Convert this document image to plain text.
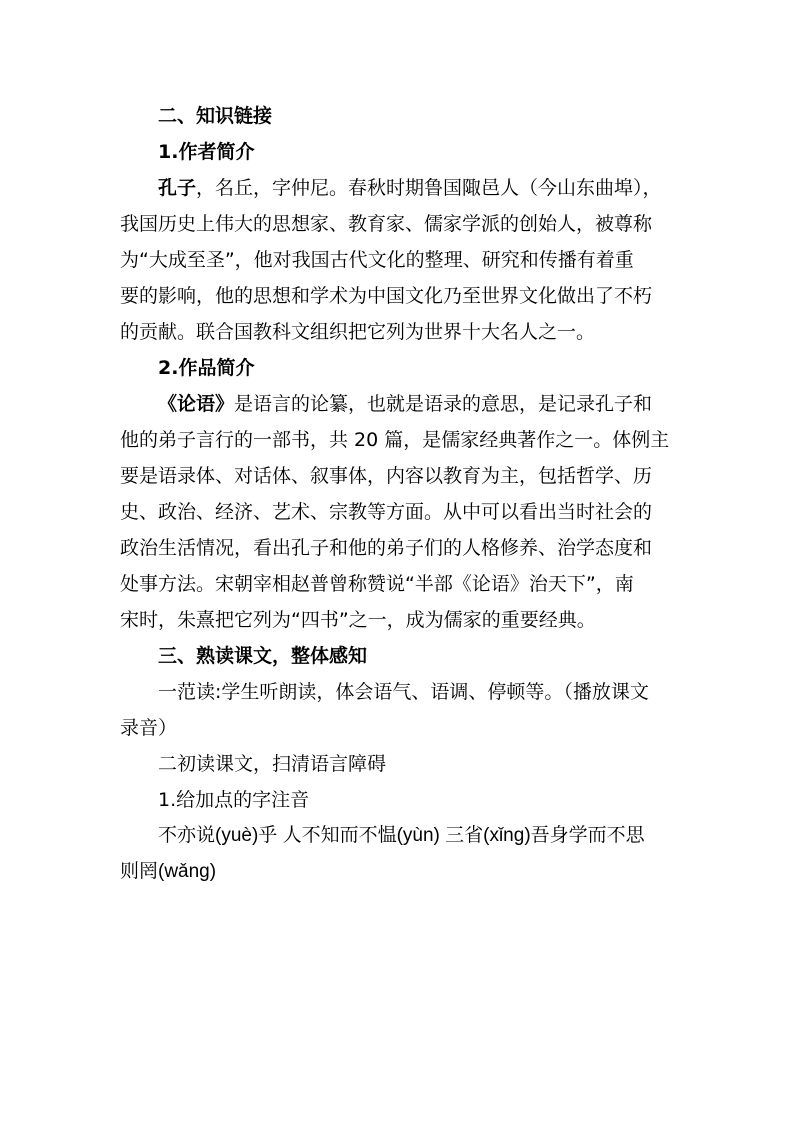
二、知识链接
1.作者简介
孔子，名丘，字仲尼。春秋时期鲁国陬邑人（今山东曲埠），
我国历史上伟大的思想家、教育家、儒家学派的创始人，被尊称
为“大成至圣”，他对我国古代文化的整理、研究和传播有着重
要的影响，他的思想和学术为中国文化乃至世界文化做出了不朽
的贡献。联合国教科文组织把它列为世界十大名人之一。
2.作品简介
《论语》是语言的论纂，也就是语录的意思，是记录孔子和
他的弟子言行的一部书，共 20 篇，是儒家经典著作之一。体例主
要是语录体、对话体、叙事体，内容以教育为主，包括哲学、历
史、政治、经济、艺术、宗教等方面。从中可以看出当时社会的
政治生活情况，看出孔子和他的弟子们的人格修养、治学态度和
处事方法。宋朝宰相赵普曾称赞说“半部《论语》治天下”，南
宋时，朱熹把它列为“四书”之一，成为儒家的重要经典。
三、熟读课文，整体感知
一范读:学生听朗读，体会语气、语调、停顿等。（播放课文
录音）
二初读课文，扫清语言障碍
1.给加点的字注音
不亦说(yuè)乎 人不知而不愠(yùn) 三省(xǐng)吾身学而不思
则罔(wǎng)
